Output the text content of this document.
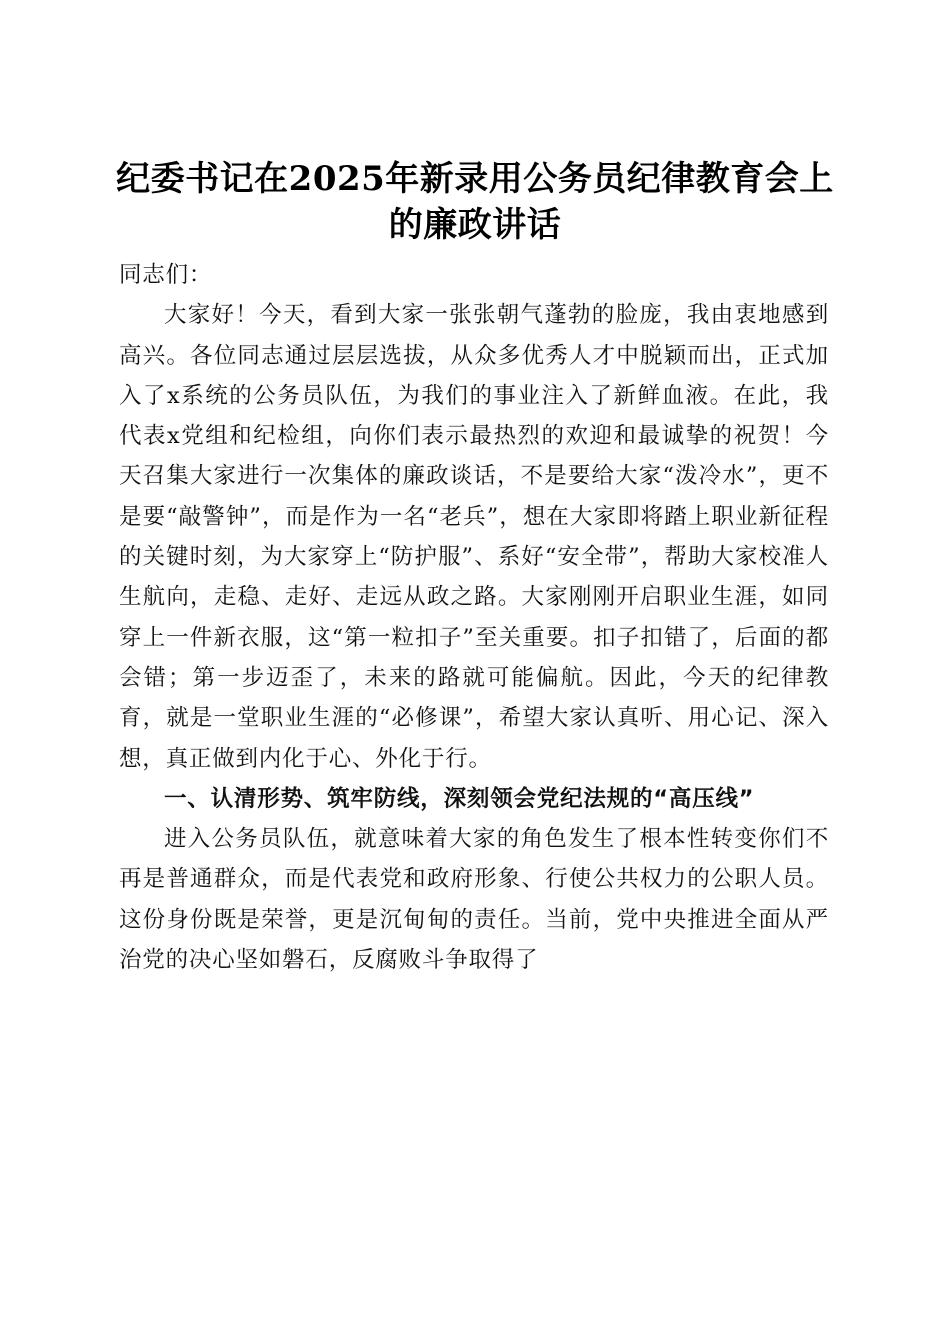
纪委书记在2025年新录用公务员纪律教育会上的廉政讲话

同志们：

大家好！今天，看到大家一张张朝气蓬勃的脸庞，我由衷地感到高兴。各位同志通过层层选拔，从众多优秀人才中脱颖而出，正式加入了x系统的公务员队伍，为我们的事业注入了新鲜血液。在此，我代表x党组和纪检组，向你们表示最热烈的欢迎和最诚挚的祝贺！今天召集大家进行一次集体的廉政谈话，不是要给大家“泼冷水”，更不是要“敲警钟”，而是作为一名“老兵”，想在大家即将踏上职业新征程的关键时刻，为大家穿上“防护服”、系好“安全带”，帮助大家校准人生航向，走稳、走好、走远从政之路。大家刚刚开启职业生涯，如同穿上一件新衣服，这“第一粒扣子”至关重要。扣子扣错了，后面的都会错；第一步迈歪了，未来的路就可能偏航。因此，今天的纪律教育，就是一堂职业生涯的“必修课”，希望大家认真听、用心记、深入想，真正做到内化于心、外化于行。

一、认清形势、筑牢防线，深刻领会党纪法规的“高压线”

进入公务员队伍，就意味着大家的角色发生了根本性转变你们不再是普通群众，而是代表党和政府形象、行使公共权力的公职人员。这份身份既是荣誉，更是沉甸甸的责任。当前，党中央推进全面从严治党的决心坚如磐石，反腐败斗争取得了
